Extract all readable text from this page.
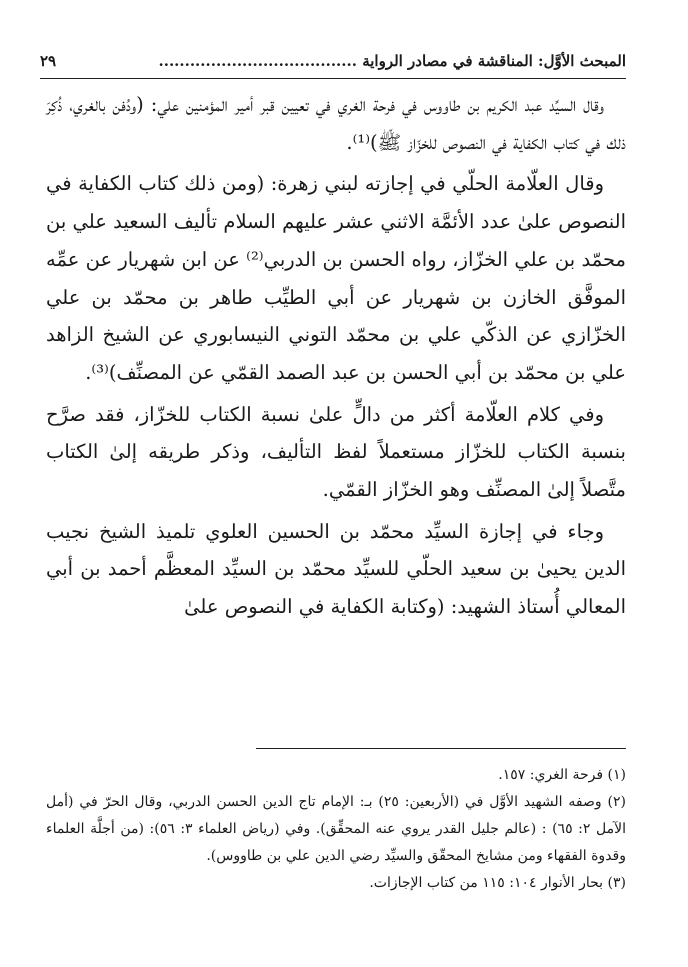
المبحث الأوَّل: المناقشة في مصادر الرواية ......................................
٢٩

وقال السيِّد عبد الكريم بن طاووس في فرحة الغري في تعيين قبر أمير المؤمنين علي: (ودُفن بالغري، ذُكِرَ ذلك في كتاب الكفاية في النصوص للخزّاز ﷺ)⁽¹⁾.

وقال العلّامة الحلّي في إجازته لبني زهرة: (ومن ذلك كتاب الكفاية في النصوص علىٰ عدد الأئمَّة الاثني عشر عليهم السلام تأليف السعيد علي بن محمّد بن علي الخزّاز، رواه الحسن بن الدربي⁽²⁾ عن ابن شهريار عن عمِّه الموفَّق الخازن بن شهريار عن أبي الطيِّب طاهر بن محمّد بن علي الخزّازي عن الذكّي علي بن محمّد التوني النيسابوري عن الشيخ الزاهد علي بن محمّد بن أبي الحسن بن عبد الصمد القمّي عن المصنِّف)⁽³⁾.

وفي كلام العلّامة أكثر من دالٍّ علىٰ نسبة الكتاب للخزّاز، فقد صرَّح بنسبة الكتاب للخزّاز مستعملاً لفظ التأليف، وذكر طريقه إلىٰ الكتاب متَّصلاً إلىٰ المصنِّف وهو الخزّاز القمّي.

وجاء في إجازة السيِّد محمّد بن الحسين العلوي تلميذ الشيخ نجيب الدين يحيىٰ بن سعيد الحلّي للسيِّد محمّد بن السيِّد المعظَّم أحمد بن أبي المعالي أُستاذ الشهيد: (وكتابة الكفاية في النصوص علىٰ

(١) فرحة الغري: ١٥٧.

(٢) وصفه الشهيد الأوَّل في (الأربعين: ٢٥) بـ: الإمام تاج الدين الحسن الدربي، وقال الحرّ في (أمل الآمل ٢: ٦٥) : (عالم جليل القدر يروي عنه المحقِّق). وفي (رياض العلماء ٣: ٥٦): (من أجلَّة العلماء وقدوة الفقهاء ومن مشايخ المحقّق والسيِّد رضي الدين علي بن طاووس).

(٣) بحار الأنوار ١٠٤: ١١٥ من كتاب الإجازات.
